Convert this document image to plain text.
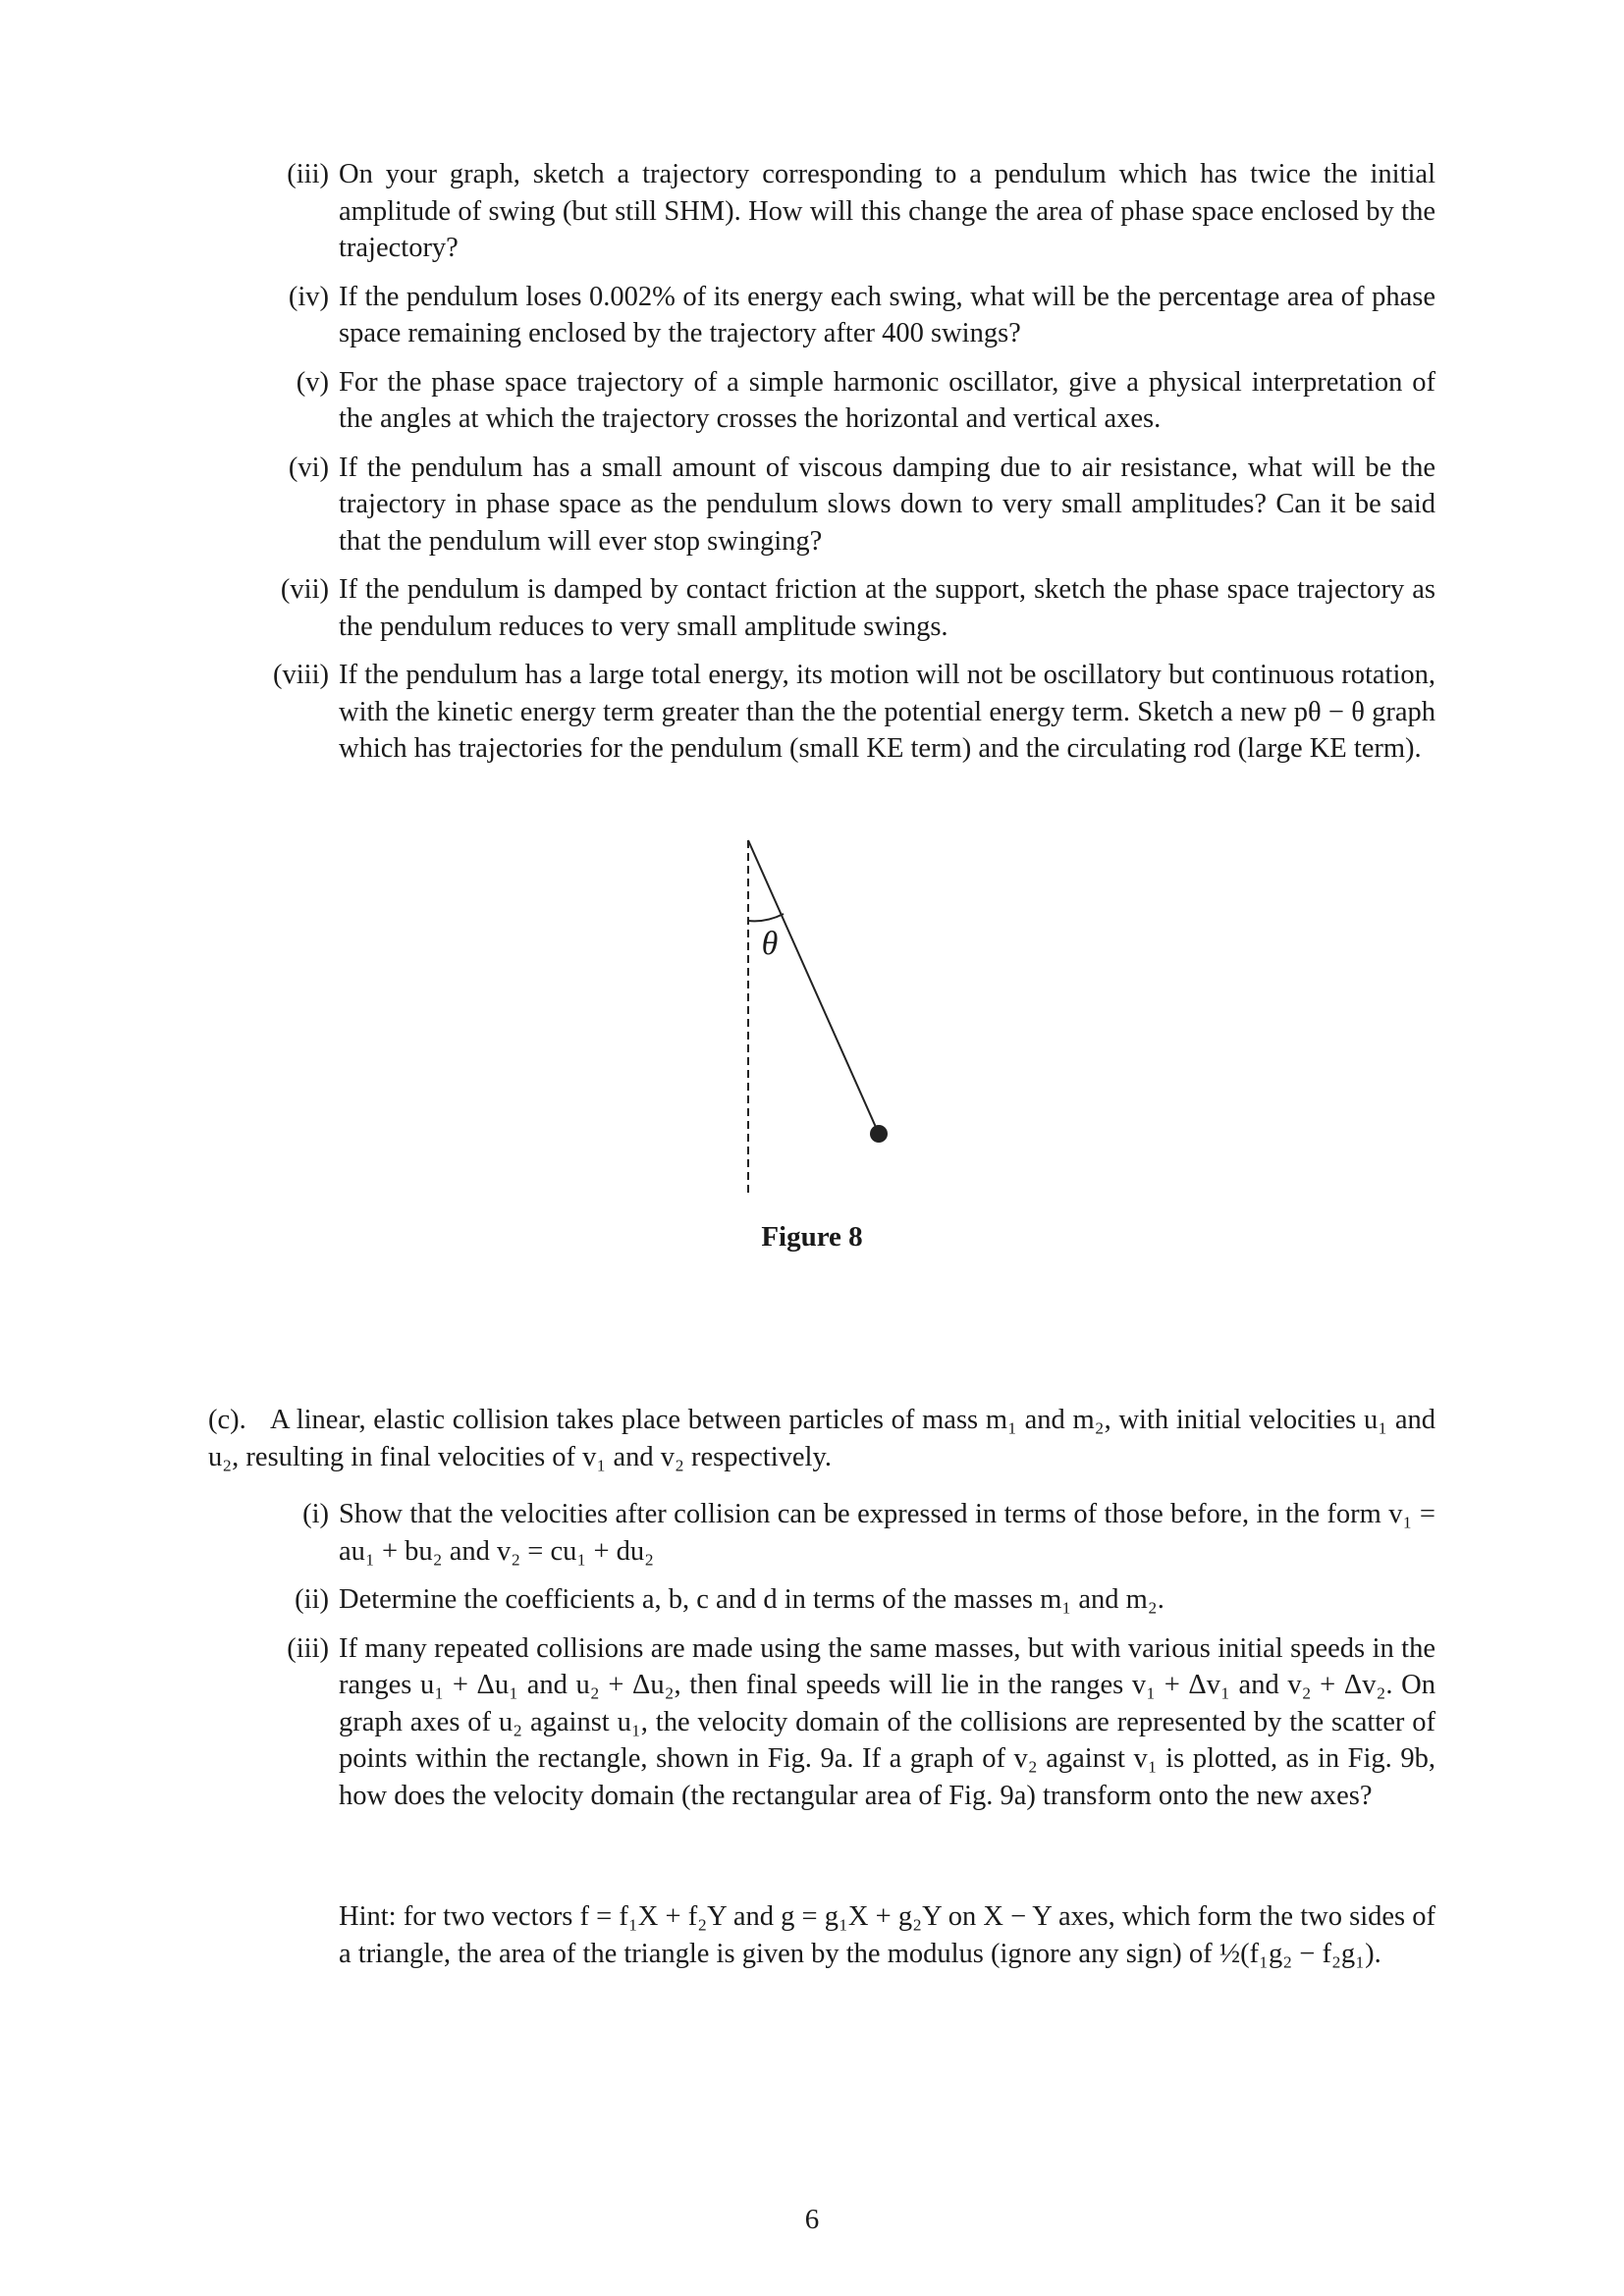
(iii) On your graph, sketch a trajectory corresponding to a pendulum which has twice the initial amplitude of swing (but still SHM). How will this change the area of phase space enclosed by the trajectory?

(iv) If the pendulum loses 0.002% of its energy each swing, what will be the percentage area of phase space remaining enclosed by the trajectory after 400 swings?

(v) For the phase space trajectory of a simple harmonic oscillator, give a physical interpretation of the angles at which the trajectory crosses the horizontal and vertical axes.

(vi) If the pendulum has a small amount of viscous damping due to air resistance, what will be the trajectory in phase space as the pendulum slows down to very small amplitudes? Can it be said that the pendulum will ever stop swinging?

(vii) If the pendulum is damped by contact friction at the support, sketch the phase space trajectory as the pendulum reduces to very small amplitude swings.

(viii) If the pendulum has a large total energy, its motion will not be oscillatory but continuous rotation, with the kinetic energy term greater than the the potential energy term. Sketch a new pθ − θ graph which has trajectories for the pendulum (small KE term) and the circulating rod (large KE term).

θ
Figure 8
(c). A linear, elastic collision takes place between particles of mass m₁ and m₂, with initial velocities u₁ and u₂, resulting in final velocities of v₁ and v₂ respectively.
(i) Show that the velocities after collision can be expressed in terms of those before, in the form v₁ = au₁ + bu₂ and v₂ = cu₁ + du₂

(ii) Determine the coefficients a, b, c and d in terms of the masses m₁ and m₂.

(iii) If many repeated collisions are made using the same masses, but with various initial speeds in the ranges u₁ + Δu₁ and u₂ + Δu₂, then final speeds will lie in the ranges v₁ + Δv₁ and v₂ + Δv₂. On graph axes of u₂ against u₁, the velocity domain of the collisions are represented by the scatter of points within the rectangle, shown in Fig. 9a. If a graph of v₂ against v₁ is plotted, as in Fig. 9b, how does the velocity domain (the rectangular area of Fig. 9a) transform onto the new axes?

Hint: for two vectors f = f₁X + f₂Y and g = g₁X + g₂Y on X − Y axes, which form the two sides of a triangle, the area of the triangle is given by the modulus (ignore any sign) of ½(f₁g₂ − f₂g₁).
6
